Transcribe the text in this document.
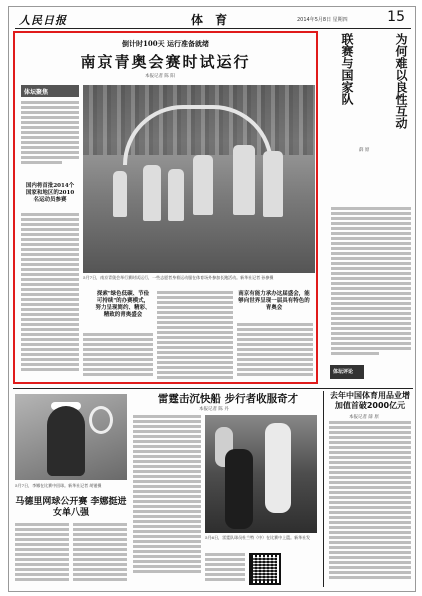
人民日报	体 育	2014年5月8日 星期四	15
倒计时100天 运行准备就绪
南京青奥会赛时试运行
本报记者 陈 阳
体坛聚焦
国内将首批2014个国家和地区的2010名运动员参赛
5月7日，南京青奥会举行赛时试运行，一些志愿者身着运动服在体育场外参加长跑活动。新华社记者 孙参摄
探索"绿色低碳、节俭可持续"的办赛模式，努力呈现简约、精彩、精致的青奥盛会
南京有能力承办这届盛会，能够向世界呈现一届具有特色的青奥会
联赛与国家队	为何难以良性互动
薛 原
体坛评论
5月7日，李娜在比赛中回球。新华社记者 胡锴摄
马德里网球公开赛 李娜挺进女单八强
雷霆击沉快船 步行者收服奇才
本报记者 陈 丹
5月6日，雷霆队球员杜兰特（中）在比赛中上篮。新华社发
去年中国体育用品业增加值首破2000亿元
本报记者 薛 原
